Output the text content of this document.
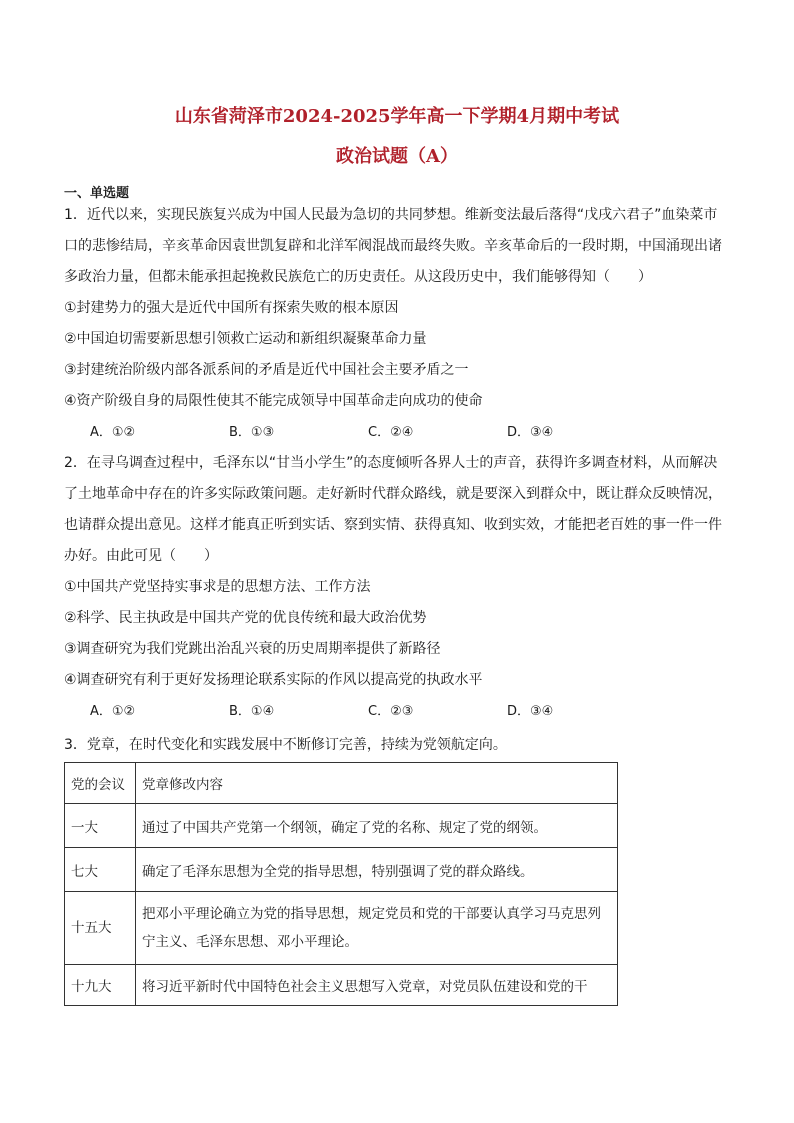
山东省菏泽市2024-2025学年高一下学期4月期中考试
政治试题（A）
一、单选题

1．近代以来，实现民族复兴成为中国人民最为急切的共同梦想。维新变法最后落得“戊戌六君子”血染菜市口的悲惨结局，辛亥革命因袁世凯复辟和北洋军阀混战而最终失败。辛亥革命后的一段时期，中国涌现出诸多政治力量，但都未能承担起挽救民族危亡的历史责任。从这段历史中，我们能够得知（　　）

①封建势力的强大是近代中国所有探索失败的根本原因

②中国迫切需要新思想引领救亡运动和新组织凝聚革命力量

③封建统治阶级内部各派系间的矛盾是近代中国社会主要矛盾之一

④资产阶级自身的局限性使其不能完成领导中国革命走向成功的使命

A．①②	B．①③	C．②④	D．③④

2．在寻乌调查过程中，毛泽东以“甘当小学生”的态度倾听各界人士的声音，获得许多调查材料，从而解决了土地革命中存在的许多实际政策问题。走好新时代群众路线，就是要深入到群众中，既让群众反映情况，也请群众提出意见。这样才能真正听到实话、察到实情、获得真知、收到实效，才能把老百姓的事一件一件办好。由此可见（　　）

①中国共产党坚持实事求是的思想方法、工作方法

②科学、民主执政是中国共产党的优良传统和最大政治优势

③调查研究为我们党跳出治乱兴衰的历史周期率提供了新路径

④调查研究有利于更好发扬理论联系实际的作风以提高党的执政水平

A．①②	B．①④	C．②③	D．③④

3．党章，在时代变化和实践发展中不断修订完善，持续为党领航定向。

党的会议	党章修改内容
一大	通过了中国共产党第一个纲领，确定了党的名称、规定了党的纲领。
七大	确定了毛泽东思想为全党的指导思想，特别强调了党的群众路线。
十五大	把邓小平理论确立为党的指导思想，规定党员和党的干部要认真学习马克思列宁主义、毛泽东思想、邓小平理论。
十九大	将习近平新时代中国特色社会主义思想写入党章，对党员队伍建设和党的干
